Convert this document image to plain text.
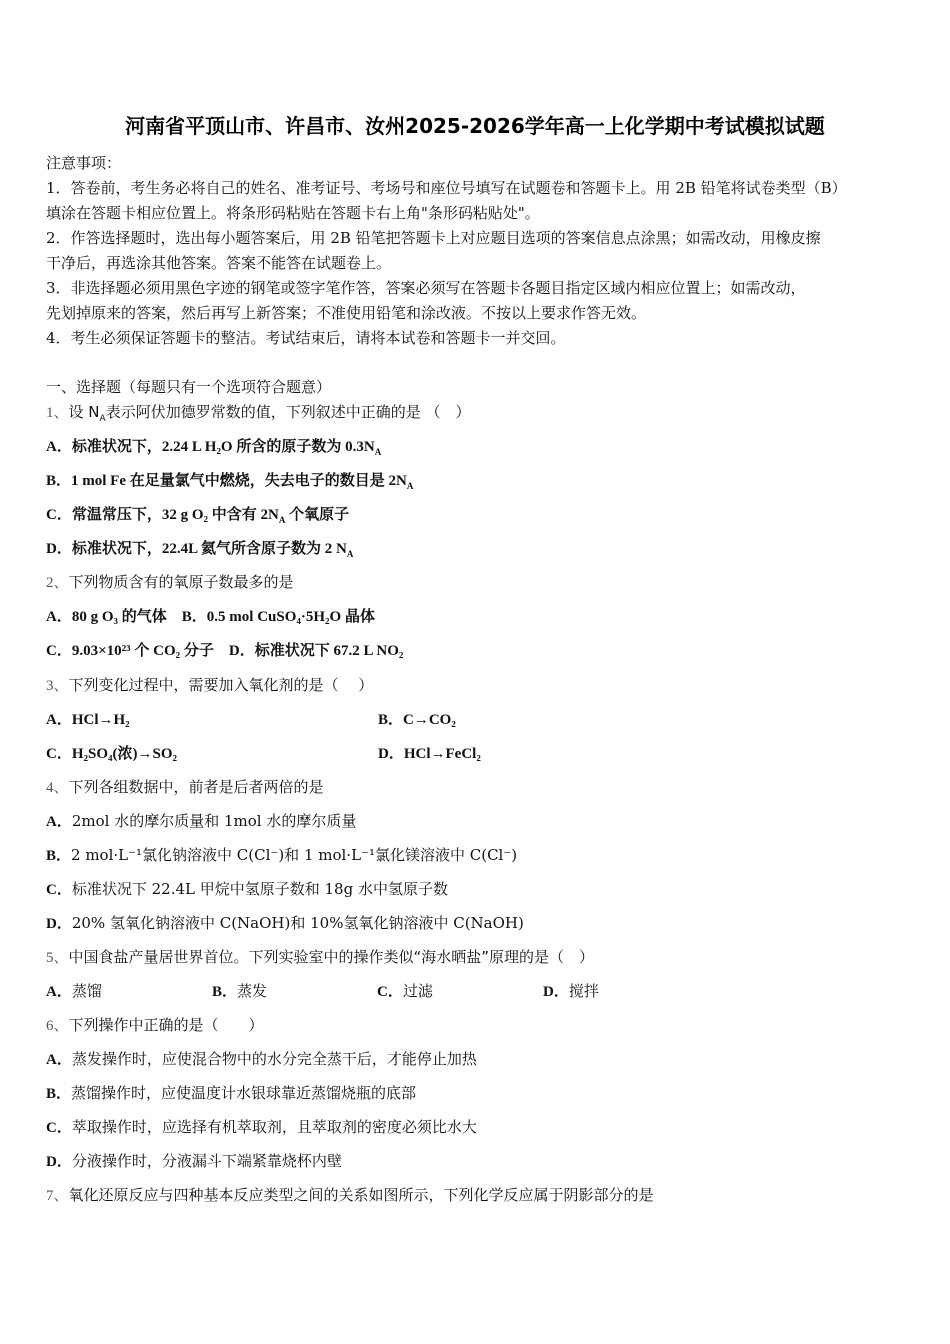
河南省平顶山市、许昌市、汝州2025-2026学年高一上化学期中考试模拟试题
注意事项：
1．答卷前，考生务必将自己的姓名、准考证号、考场号和座位号填写在试题卷和答题卡上。用 2B 铅笔将试卷类型（B）
填涂在答题卡相应位置上。将条形码粘贴在答题卡右上角"条形码粘贴处"。
2．作答选择题时，选出每小题答案后，用 2B 铅笔把答题卡上对应题目选项的答案信息点涂黑；如需改动，用橡皮擦
干净后，再选涂其他答案。答案不能答在试题卷上。
3．非选择题必须用黑色字迹的钢笔或签字笔作答，答案必须写在答题卡各题目指定区域内相应位置上；如需改动，
先划掉原来的答案，然后再写上新答案；不准使用铅笔和涂改液。不按以上要求作答无效。
4．考生必须保证答题卡的整洁。考试结束后，请将本试卷和答题卡一并交回。
一、选择题（每题只有一个选项符合题意）
1、设 $N_A$表示阿伏加德罗常数的值，下列叙述中正确的是 （　）
A．标准状况下，2.24 L H₂O 所含的原子数为 $0.3N_A$
B．1 mol Fe 在足量氯气中燃烧，失去电子的数目是 $2N_A$
C．常温常压下，32 g O₂ 中含有 $2N_A$ 个氧原子
D．标准状况下，22.4L 氦气所含原子数为 2 $N_A$
2、下列物质含有的氧原子数最多的是
A．80 g O₃ 的气体　 B．0.5 mol CuSO₄·5H₂O 晶体
C．9.03×10²³ 个 CO₂ 分子　 D．标准状况下 67.2 L NO₂
3、下列变化过程中，需要加入氧化剂的是（　 ）
A．HCl→H₂	B．C→CO₂
C．H₂SO₄(浓)→SO₂	D．HCl→FeCl₂
4、下列各组数据中，前者是后者两倍的是
A．2mol 水的摩尔质量和 1mol 水的摩尔质量
B．2 mol·L⁻¹氯化钠溶液中 C(Cl⁻)和 1 mol·L⁻¹氯化镁溶液中 C(Cl⁻)
C．标准状况下 22.4L 甲烷中氢原子数和 18g 水中氢原子数
D．20% 氢氧化钠溶液中 C(NaOH)和 10%氢氧化钠溶液中 C(NaOH)
5、中国食盐产量居世界首位。下列实验室中的操作类似“海水晒盐”原理的是（　）
A．蒸馏	B．蒸发	C．过滤	D．搅拌
6、下列操作中正确的是（　　）
A．蒸发操作时，应使混合物中的水分完全蒸干后，才能停止加热
B．蒸馏操作时，应使温度计水银球靠近蒸馏烧瓶的底部
C．萃取操作时，应选择有机萃取剂，且萃取剂的密度必须比水大
D．分液操作时，分液漏斗下端紧靠烧杯内壁
7、氧化还原反应与四种基本反应类型之间的关系如图所示，下列化学反应属于阴影部分的是
